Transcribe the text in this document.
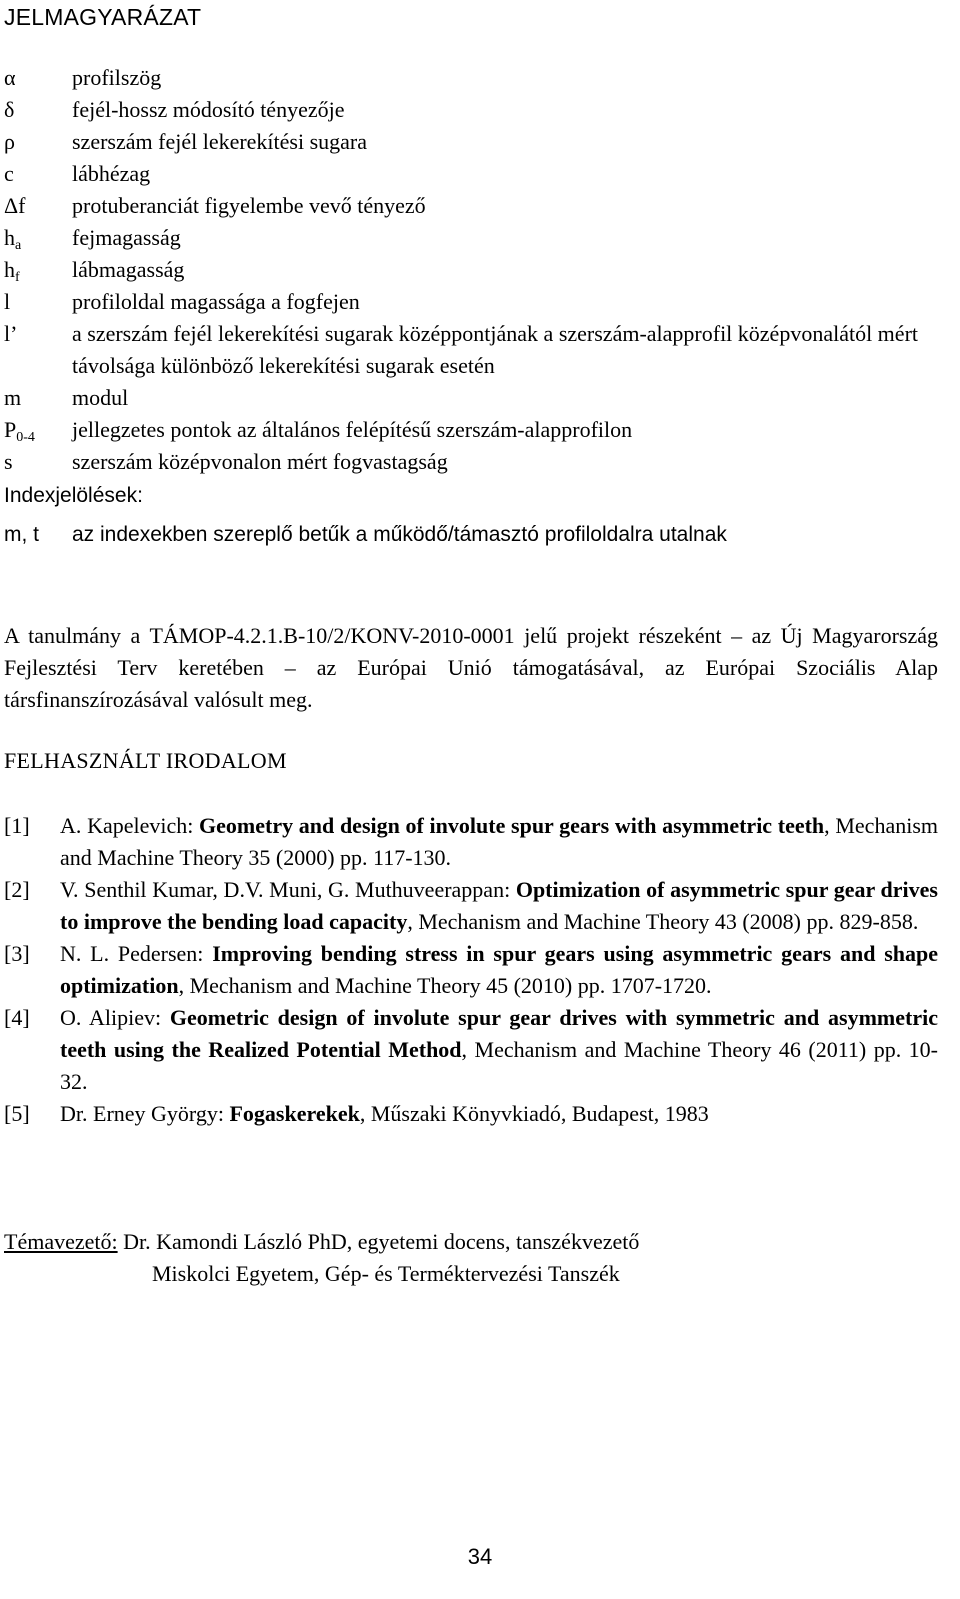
JELMAGYARÁZAT
α	profilszög
δ	fejél-hossz módosító tényezője
ρ	szerszám fejél lekerekítési sugara
c	lábhézag
Δf	protuberanciát figyelembe vevő tényező
$h_a$	fejmagasság
$h_f$	lábmagasság
l	profiloldal magassága a fogfejen
l’	a szerszám fejél lekerekítési sugarak középpontjának a szerszám-alapprofil középvonalától mért távolsága különböző lekerekítési sugarak esetén
m	modul
$P_{0-4}$	jellegzetes pontok az általános felépítésű szerszám-alapprofilon
s	szerszám középvonalon mért fogvastagság
Indexjelölések:
m, t	az indexekben szereplő betűk a működő/támasztó profiloldalra utalnak
A tanulmány a TÁMOP-4.2.1.B-10/2/KONV-2010-0001 jelű projekt részeként – az Új Magyarország Fejlesztési Terv keretében – az Európai Unió támogatásával, az Európai Szociális Alap társfinanszírozásával valósult meg.
FELHASZNÁLT IRODALOM
[1]	A. Kapelevich: Geometry and design of involute spur gears with asymmetric teeth, Mechanism and Machine Theory 35 (2000) pp. 117-130.
[2]	V. Senthil Kumar, D.V. Muni, G. Muthuveerappan: Optimization of asymmetric spur gear drives to improve the bending load capacity, Mechanism and Machine Theory 43 (2008) pp. 829-858.
[3]	N. L. Pedersen: Improving bending stress in spur gears using asymmetric gears and shape optimization, Mechanism and Machine Theory 45 (2010) pp. 1707-1720.
[4]	O. Alipiev: Geometric design of involute spur gear drives with symmetric and asymmetric teeth using the Realized Potential Method, Mechanism and Machine Theory 46 (2011) pp. 10-32.
[5]	Dr. Erney György: Fogaskerekek, Műszaki Könyvkiadó, Budapest, 1983
Témavezető: Dr. Kamondi László PhD, egyetemi docens, tanszékvezető
Miskolci Egyetem, Gép- és Terméktervezési Tanszék
34
